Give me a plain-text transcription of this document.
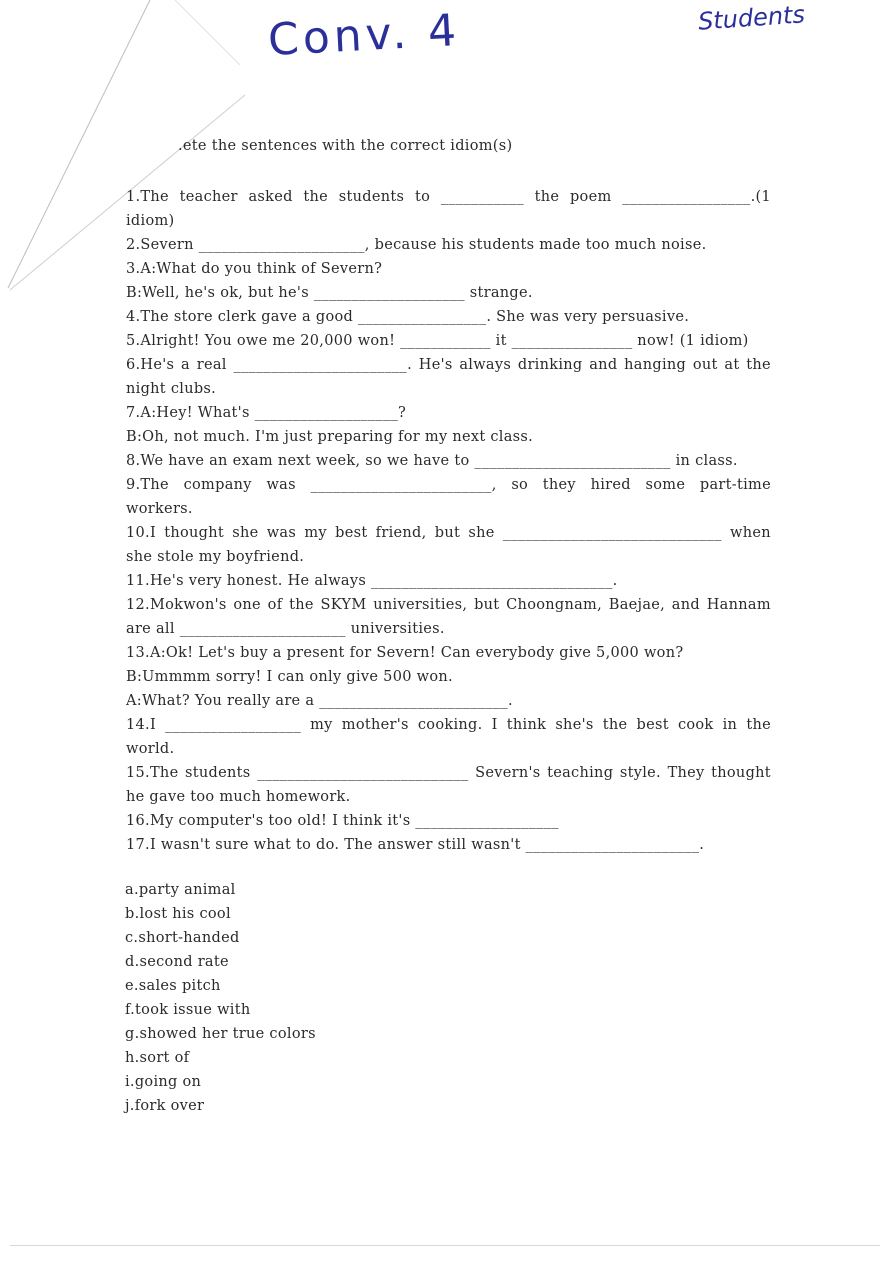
Conv. 4	Students
.ete the sentences with the correct idiom(s)
1.The teacher asked the students to ___________ the poem _________________.(1
idiom)
2.Severn ______________________, because his students made too much noise.
3.A:What do you think of Severn?
B:Well, he's ok, but he's ____________________ strange.
4.The store clerk gave a good _________________. She was very persuasive.
5.Alright! You owe me 20,000 won! ____________ it ________________ now! (1 idiom)
6.He's a real _______________________. He's always drinking and hanging out at the
night clubs.
7.A:Hey! What's ___________________?
B:Oh, not much. I'm just preparing for my next class.
8.We have an exam next week, so we have to __________________________ in class.
9.The company was ________________________, so they hired some part-time
workers.
10.I thought she was my best friend, but she _____________________________ when
she stole my boyfriend.
11.He's very honest. He always ________________________________.
12.Mokwon's one of the SKYM universities, but Choongnam, Baejae, and Hannam
are all ______________________ universities.
13.A:Ok! Let's buy a present for Severn! Can everybody give 5,000 won?
B:Ummmm sorry! I can only give 500 won.
A:What? You really are a _________________________.
14.I __________________ my mother's cooking. I think she's the best cook in the
world.
15.The students ____________________________ Severn's teaching style. They thought
he gave too much homework.
16.My computer's too old! I think it's ___________________
17.I wasn't sure what to do. The answer still wasn't _______________________.
a.party animal
b.lost his cool
c.short-handed
d.second rate
e.sales pitch
f.took issue with
g.showed her true colors
h.sort of
i.going on
j.fork over
